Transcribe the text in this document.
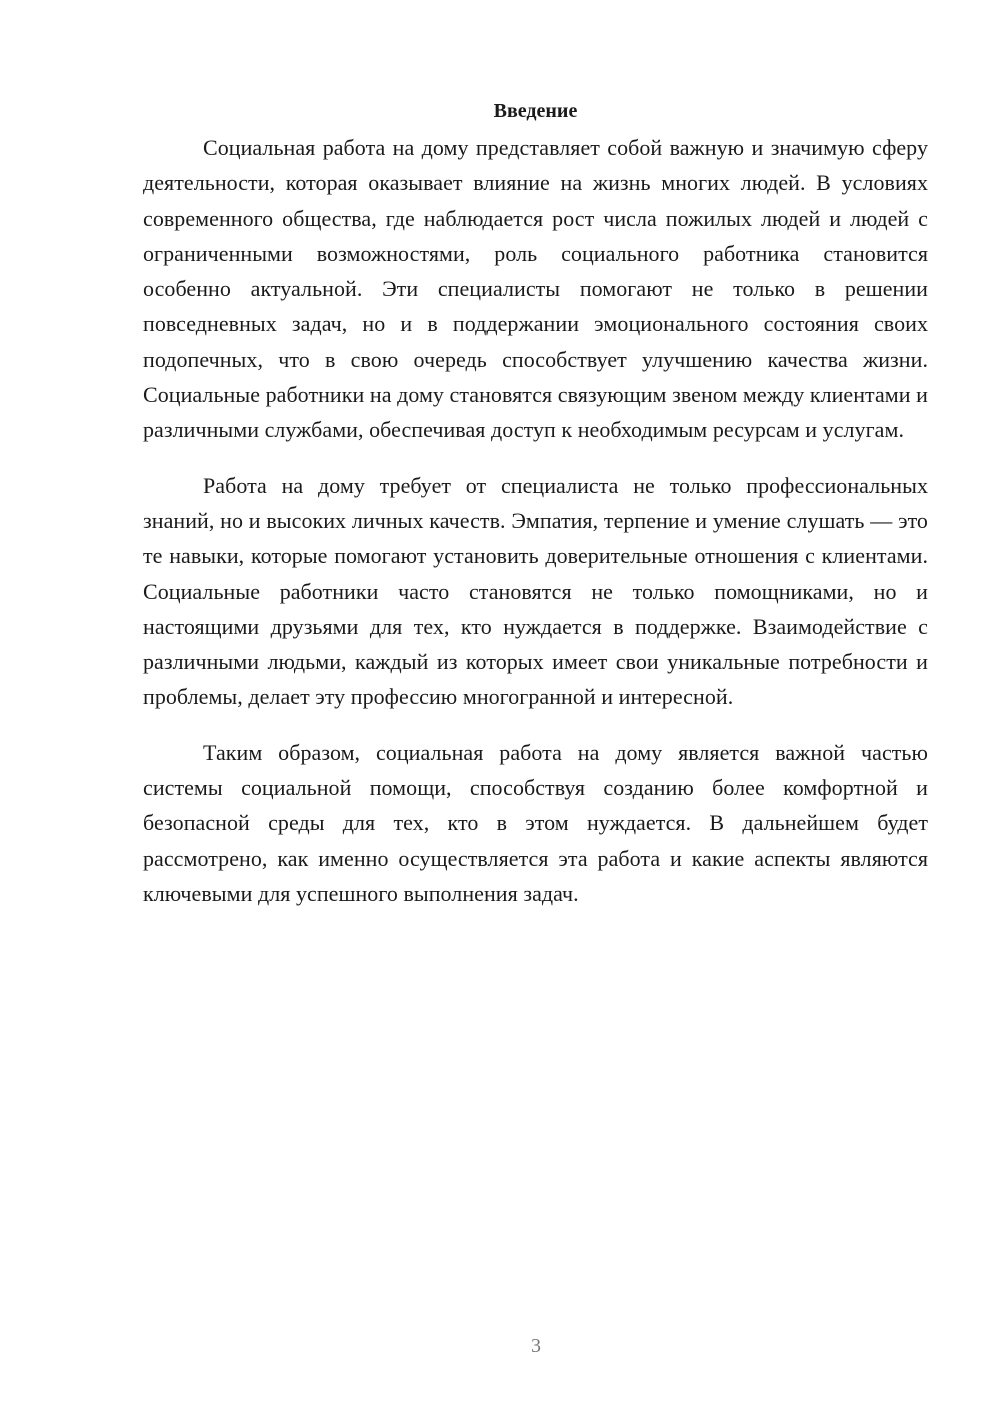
Введение

Социальная работа на дому представляет собой важную и значимую сферу деятельности, которая оказывает влияние на жизнь многих людей. В условиях современного общества, где наблюдается рост числа пожилых людей и людей с ограниченными возможностями, роль социального работника становится особенно актуальной. Эти специалисты помогают не только в решении повседневных задач, но и в поддержании эмоционального состояния своих подопечных, что в свою очередь способствует улучшению качества жизни. Социальные работники на дому становятся связующим звеном между клиентами и различными службами, обеспечивая доступ к необходимым ресурсам и услугам.

Работа на дому требует от специалиста не только профессиональных знаний, но и высоких личных качеств. Эмпатия, терпение и умение слушать — это те навыки, которые помогают установить доверительные отношения с клиентами. Социальные работники часто становятся не только помощниками, но и настоящими друзьями для тех, кто нуждается в поддержке. Взаимодействие с различными людьми, каждый из которых имеет свои уникальные потребности и проблемы, делает эту профессию многогранной и интересной.

Таким образом, социальная работа на дому является важной частью системы социальной помощи, способствуя созданию более комфортной и безопасной среды для тех, кто в этом нуждается. В дальнейшем будет рассмотрено, как именно осуществляется эта работа и какие аспекты являются ключевыми для успешного выполнения задач.

3
